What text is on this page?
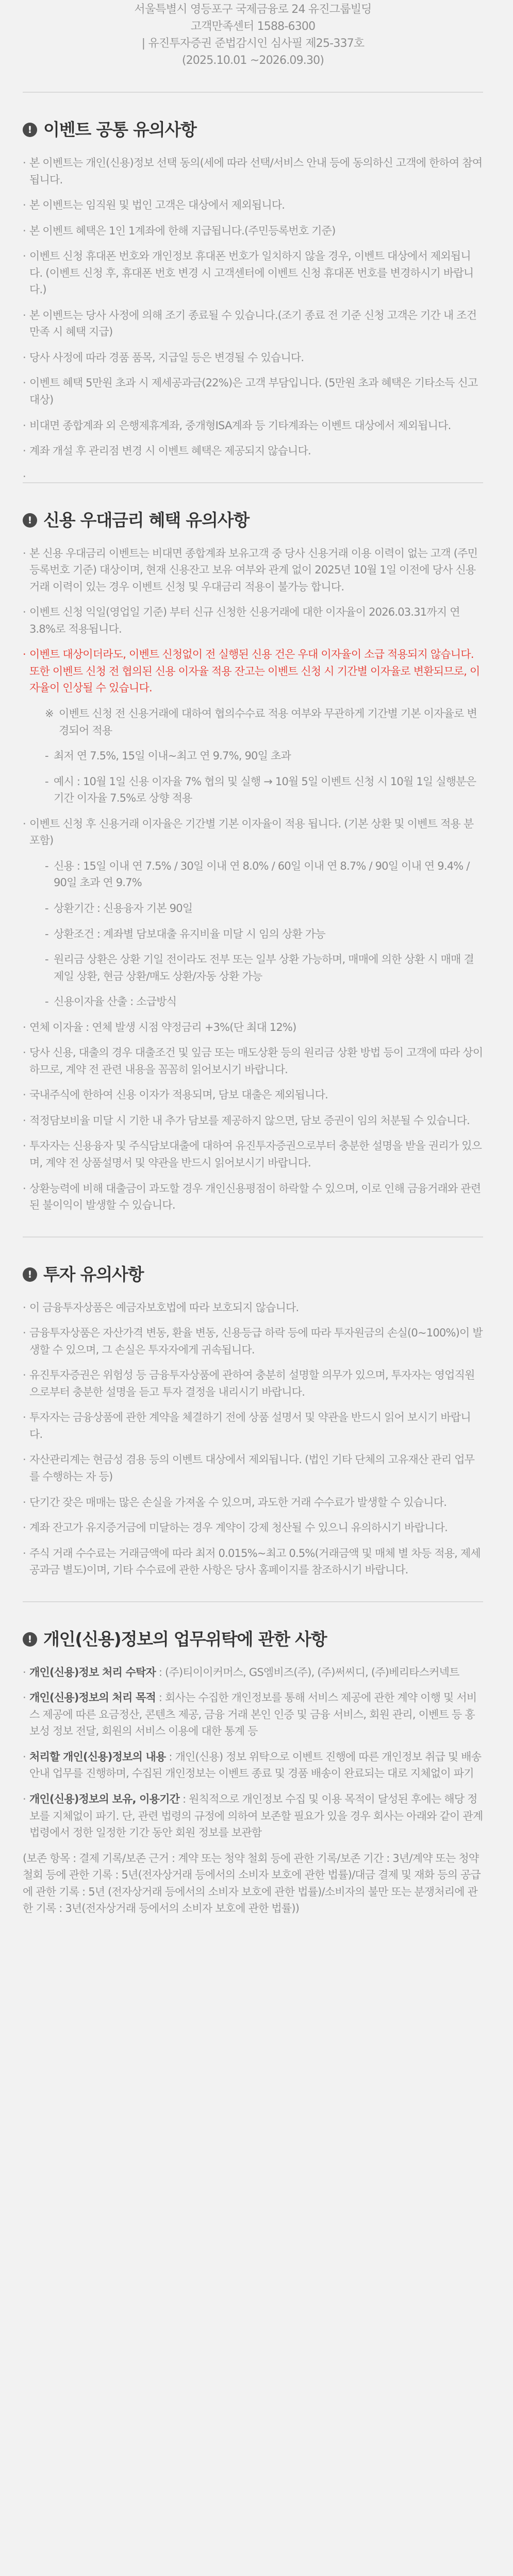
서울특별시 영등포구 국제금융로 24 유진그룹빌딩
고객만족센터 1588-6300
| 유진투자증권 준법감시인 심사필 제25-337호
(2025.10.01 ~2026.09.30)
! 이벤트 공통 유의사항
· 본 이벤트는 개인(신용)정보 선택 동의(세에 따라 선택/서비스 안내 등에 동의하신 고객에 한하여 참여됩니다.
· 본 이벤트는 임직원 및 법인 고객은 대상에서 제외됩니다.
· 본 이벤트 혜택은 1인 1계좌에 한해 지급됩니다.(주민등록번호 기준)
· 이벤트 신청 휴대폰 번호와 개인정보 휴대폰 번호가 일치하지 않을 경우, 이벤트 대상에서 제외됩니다. (이벤트 신청 후, 휴대폰 번호 변경 시 고객센터에 이벤트 신청 휴대폰 번호를 변경하시기 바랍니다.)
· 본 이벤트는 당사 사정에 의해 조기 종료될 수 있습니다.(조기 종료 전 기준 신청 고객은 기간 내 조건 만족 시 혜택 지급)
· 당사 사정에 따라 경품 품목, 지급일 등은 변경될 수 있습니다.
· 이벤트 혜택 5만원 초과 시 제세공과금(22%)은 고객 부담입니다. (5만원 초과 혜택은 기타소득 신고 대상)
· 비대면 종합계좌 외 은행제휴계좌, 중개형ISA계좌 등 기타계좌는 이벤트 대상에서 제외됩니다.
· 계좌 개설 후 관리점 변경 시 이벤트 혜택은 제공되지 않습니다.
! 신용 우대금리 혜택 유의사항
· 본 신용 우대금리 이벤트는 비대면 종합계좌 보유고객 중 당사 신용거래 이용 이력이 없는 고객 (주민등록번호 기준) 대상이며, 현재 신용잔고 보유 여부와 관계 없이 2025년 10월 1일 이전에 당사 신용 거래 이력이 있는 경우 이벤트 신청 및 우대금리 적용이 불가능 합니다.
· 이벤트 신청 익일(영업일 기준) 부터 신규 신청한 신용거래에 대한 이자율이 2026.03.31까지 연 3.8%로 적용됩니다.
· 이벤트 대상이더라도, 이벤트 신청없이 전 실행된 신용 건은 우대 이자율이 소급 적용되지 않습니다. 또한 이벤트 신청 전 협의된 신용 이자율 적용 잔고는 이벤트 신청 시 기간별 이자율로 변환되므로, 이자율이 인상될 수 있습니다.
※ 이벤트 신청 전 신용거래에 대하여 협의수수료 적용 여부와 무관하게 기간별 기본 이자율로 변경되어 적용
- 최저 연 7.5%, 15일 이내~최고 연 9.7%, 90일 초과
- 예시 : 10월 1일 신용 이자율 7% 협의 및 실행 → 10월 5일 이벤트 신청 시 10월 1일 실행분은 기간 이자율 7.5%로 상향 적용
· 이벤트 신청 후 신용거래 이자율은 기간별 기본 이자율이 적용 됩니다. (기본 상환 및 이벤트 적용 분 포함)
- 신용 : 15일 이내 연 7.5% / 30일 이내 연 8.0% / 60일 이내 연 8.7% / 90일 이내 연 9.4% / 90일 초과 연 9.7%
- 상환기간 : 신용융자 기본 90일
- 상환조건 : 계좌별 담보대출 유지비율 미달 시 임의 상환 가능
- 원리금 상환은 상환 기일 전이라도 전부 또는 일부 상환 가능하며, 매매에 의한 상환 시 매매 결제일 상환, 현금 상환/매도 상환/자동 상환 가능
- 신용이자율 산출 : 소급방식
· 연체 이자율 : 연체 발생 시점 약정금리 +3%(단 최대 12%)
· 당사 신용, 대출의 경우 대출조건 및 잎금 또는 매도상환 등의 원리금 상환 방법 등이 고객에 따라 상이하므로, 계약 전 관련 내용을 꼼꼼히 읽어보시기 바랍니다.
· 국내주식에 한하여 신용 이자가 적용되며, 담보 대출은 제외됩니다.
· 적정담보비율 미달 시 기한 내 추가 담보를 제공하지 않으면, 담보 증권이 임의 처분될 수 있습니다.
· 투자자는 신용융자 및 주식담보대출에 대하여 유진투자증권으로부터 충분한 설명을 받을 권리가 있으며, 계약 전 상품설명서 및 약관을 반드시 읽어보시기 바랍니다.
· 상환능력에 비해 대출금이 과도할 경우 개인신용평점이 하락할 수 있으며, 이로 인해 금융거래와 관련된 불이익이 발생할 수 있습니다.
! 투자 유의사항
· 이 금융투자상품은 예금자보호법에 따라 보호되지 않습니다.
· 금융투자상품은 자산가격 변동, 환율 변동, 신용등급 하락 등에 따라 투자원금의 손실(0~100%)이 발생할 수 있으며, 그 손실은 투자자에게 귀속됩니다.
· 유진투자증권은 위험성 등 금융투자상품에 관하여 충분히 설명할 의무가 있으며, 투자자는 영업직원으로부터 충분한 설명을 듣고 투자 결정을 내리시기 바랍니다.
· 투자자는 금융상품에 관한 계약을 체결하기 전에 상품 설명서 및 약관을 반드시 읽어 보시기 바랍니다.
· 자산관리계는 현금성 겸용 등의 이벤트 대상에서 제외됩니다. (법인 기타 단체의 고유재산 관리 업무를 수행하는 자 등)
· 단기간 잦은 매매는 많은 손실을 가져올 수 있으며, 과도한 거래 수수료가 발생할 수 있습니다.
· 계좌 잔고가 유지증거금에 미달하는 경우 계약이 강제 청산될 수 있으니 유의하시기 바랍니다.
· 주식 거래 수수료는 거래금액에 따라 최저 0.015%~최고 0.5%(거래금액 및 매체 별 차등 적용, 제세공과금 별도)이며, 기타 수수료에 관한 사항은 당사 홈페이지를 참조하시기 바랍니다.
! 개인(신용)정보의 업무위탁에 관한 사항
· 개인(신용)정보 처리 수탁자 : (주)티이이커머스, GS엠비즈(주), (주)써씨디, (주)베리타스커넥트
· 개인(신용)정보의 처리 목적 : 회사는 수집한 개인정보를 통해 서비스 제공에 관한 계약 이행 및 서비스 제공에 따른 요금정산, 콘텐츠 제공, 금융 거래 본인 인증 및 금융 서비스, 회원 관리, 이벤트 등 홍보성 정보 전달, 회원의 서비스 이용에 대한 통계 등
· 처리할 개인(신용)정보의 내용 : 개인(신용) 정보 위탁으로 이벤트 진행에 따른 개인정보 취급 및 배송 안내 업무를 진행하며, 수집된 개인정보는 이벤트 종료 및 경품 배송이 완료되는 대로 지체없이 파기
· 개인(신용)정보의 보유, 이용기간 : 원칙적으로 개인정보 수집 및 이용 목적이 달성된 후에는 해당 정보를 지체없이 파기. 단, 관련 법령의 규정에 의하여 보존할 필요가 있을 경우 회사는 아래와 같이 관계 법령에서 정한 일정한 기간 동안 회원 정보를 보관함
(보존 항목 : 결제 기록/보존 근거 : 계약 또는 청약 철회 등에 관한 기록/보존 기간 : 3년/계약 또는 청약 철회 등에 관한 기록 : 5년(전자상거래 등에서의 소비자 보호에 관한 법률)/대금 결제 및 재화 등의 공급에 관한 기록 : 5년 (전자상거래 등에서의 소비자 보호에 관한 법률)/소비자의 불만 또는 분쟁처리에 관한 기록 : 3년(전자상거래 등에서의 소비자 보호에 관한 법률))
